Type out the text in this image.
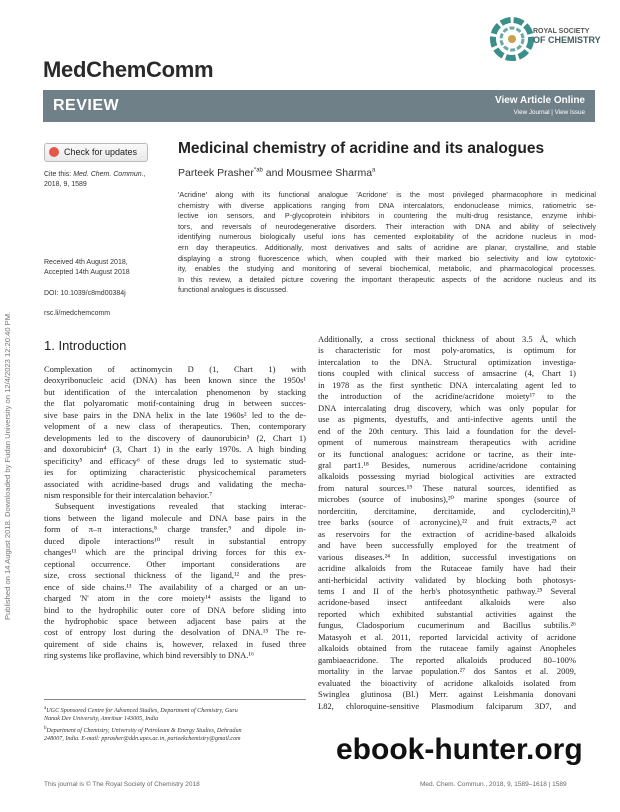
Published on 14 August 2018. Downloaded by Fudan University on 12/4/2023 12:20:40 PM.
MedChemComm
ROYAL SOCIETY
OF CHEMISTRY
REVIEW	View Article Online
View Journal | View Issue
Check for updates
Cite this: Med. Chem. Commun.,
2018, 9, 1589
Received 4th August 2018,
Accepted 14th August 2018
DOI: 10.1039/c8md00384j
rsc.li/medchemcomm
Medicinal chemistry of acridine and its analogues
Parteek Prasher$^{*ab}$ and Mousmee Sharma$^a$
'Acridine' along with its functional analogue 'Acridone' is the most privileged pharmacophore in medicinal
chemistry with diverse applications ranging from DNA intercalators, endonuclease mimics, ratiometric se-
lective ion sensors, and P-glycoprotein inhibitors in countering the multi-drug resistance, enzyme inhibi-
tors, and reversals of neurodegenerative disorders. Their interaction with DNA and ability of selectively
identifying numerous biologically useful ions has cemented exploitability of the acridone nucleus in mod-
ern day therapeutics. Additionally, most derivatives and salts of acridine are planar, crystalline, and stable
displaying a strong fluorescence which, when coupled with their marked bio selectivity and low cytotoxic-
ity, enables the studying and monitoring of several biochemical, metabolic, and pharmacological processes.
In this review, a detailed picture covering the important therapeutic aspects of the acridone nucleus and its
functional analogues is discussed.
1. Introduction
Complexation of actinomycin D (1, Chart 1) with
deoxyribonucleic acid (DNA) has been known since the 1950s¹
but identification of the intercalation phenomenon by stacking
the flat polyaromatic motif-containing drug in between succes-
sive base pairs in the DNA helix in the late 1960s² led to the de-
velopment of a new class of therapeutics. Then, contemporary
developments led to the discovery of daunorubicin³ (2, Chart 1)
and doxorubicin⁴ (3, Chart 1) in the early 1970s. A high binding
specificity⁵ and efficacy⁶ of these drugs led to systematic stud-
ies for optimizing characteristic physicochemical parameters
associated with acridine-based drugs and validating the mecha-
nism responsible for their intercalation behavior.⁷
Subsequent investigations revealed that stacking interac-
tions between the ligand molecule and DNA base pairs in the
form of π–π interactions,⁸ charge transfer,⁹ and dipole in-
duced dipole interactions¹⁰ result in substantial entropy
changes¹¹ which are the principal driving forces for this ex-
ceptional occurrence. Other important considerations are
size, cross sectional thickness of the ligand,¹² and the pres-
ence of side chains.¹³ The availability of a charged or an un-
charged 'N' atom in the core moiety¹⁴ assists the ligand to
bind to the hydrophilic outer core of DNA before sliding into
the hydrophobic space between adjacent base pairs at the
cost of entropy lost during the desolvation of DNA.¹⁵ The re-
quirement of side chains is, however, relaxed in fused three
ring systems like proflavine, which bind reversibly to DNA.¹⁶
Additionally, a cross sectional thickness of about 3.5 Å, which
is characteristic for most poly-aromatics, is optimum for
intercalation to the DNA. Structural optimization investiga-
tions coupled with clinical success of amsacrine (4, Chart 1)
in 1978 as the first synthetic DNA intercalating agent led to
the introduction of the acridine/acridone moiety¹⁷ to the
DNA intercalating drug discovery, which was only popular for
use as pigments, dyestuffs, and anti-infective agents until the
end of the 20th century. This laid a foundation for the devel-
opment of numerous mainstream therapeutics with acridine
or its functional analogues: acridone or tacrine, as their inte-
gral part1.¹⁸ Besides, numerous acridine/acridone containing
alkaloids possessing myriad biological activities are extracted
from natural sources.¹⁹ These natural sources, identified as
microbes (source of inubosins),²⁰ marine sponges (source of
nordercitin, dercitamine, dercitamide, and cyclodercitin),²¹
tree barks (source of acronycine),²² and fruit extracts,²³ act
as reservoirs for the extraction of acridine-based alkaloids
and have been successfully employed for the treatment of
various diseases.²⁴ In addition, successful investigations on
acridine alkaloids from the Rutaceae family have had their
anti-herbicidal activity validated by blocking both photosys-
tems I and II of the herb's photosynthetic pathway.²⁵ Several
acridone-based insect antifeedant alkaloids were also
reported which exhibited substantial activities against the
fungus, Cladosporium cucumerinum and Bacillus subtilis.²⁶
Matasyoh et al. 2011, reported larvicidal activity of acridone
alkaloids obtained from the rutaceae family against Anopheles
gambiaeacridone. The reported alkaloids produced 80–100%
mortality in the larvae population.²⁷ dos Santos et al. 2009,
evaluated the bioactivity of acridone alkaloids isolated from
Swinglea glutinosa (Bl.) Merr. against Leishmania donovani
L82, chloroquine-sensitive Plasmodium falciparum 3D7, and
$^a$UGC Sponsored Centre for Advanced Studies, Department of Chemistry, Guru
Nanak Dev University, Amritsar 143005, India
$^b$Department of Chemistry, University of Petroleum & Energy Studies, Dehradun
248007, India. E-mail: pprasher@ddn.upes.ac.in, parteekchemistry@gmail.com
This journal is © The Royal Society of Chemistry 2018	Med. Chem. Commun., 2018, 9, 1589–1618 | 1589
ebook-hunter.org
